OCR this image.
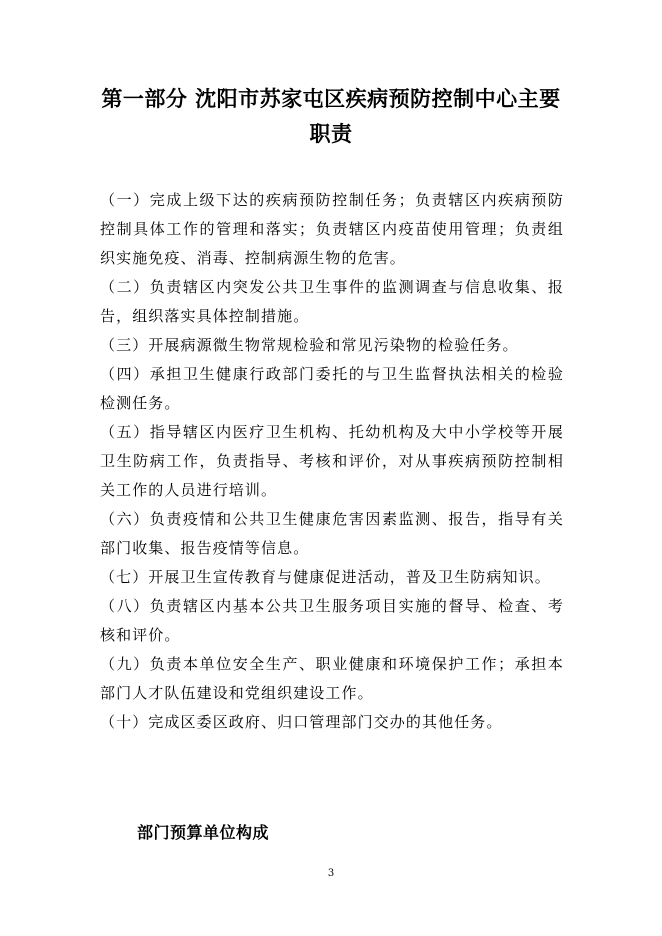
第一部分 沈阳市苏家屯区疾病预防控制中心主要职责
（一）完成上级下达的疾病预防控制任务；负责辖区内疾病预防控制具体工作的管理和落实；负责辖区内疫苗使用管理；负责组织实施免疫、消毒、控制病源生物的危害。
（二）负责辖区内突发公共卫生事件的监测调查与信息收集、报告，组织落实具体控制措施。
（三）开展病源微生物常规检验和常见污染物的检验任务。
（四）承担卫生健康行政部门委托的与卫生监督执法相关的检验检测任务。
（五）指导辖区内医疗卫生机构、托幼机构及大中小学校等开展卫生防病工作，负责指导、考核和评价，对从事疾病预防控制相关工作的人员进行培训。
（六）负责疫情和公共卫生健康危害因素监测、报告，指导有关部门收集、报告疫情等信息。
（七）开展卫生宣传教育与健康促进活动，普及卫生防病知识。
（八）负责辖区内基本公共卫生服务项目实施的督导、检查、考核和评价。
（九）负责本单位安全生产、职业健康和环境保护工作；承担本部门人才队伍建设和党组织建设工作。
（十）完成区委区政府、归口管理部门交办的其他任务。
部门预算单位构成
3
